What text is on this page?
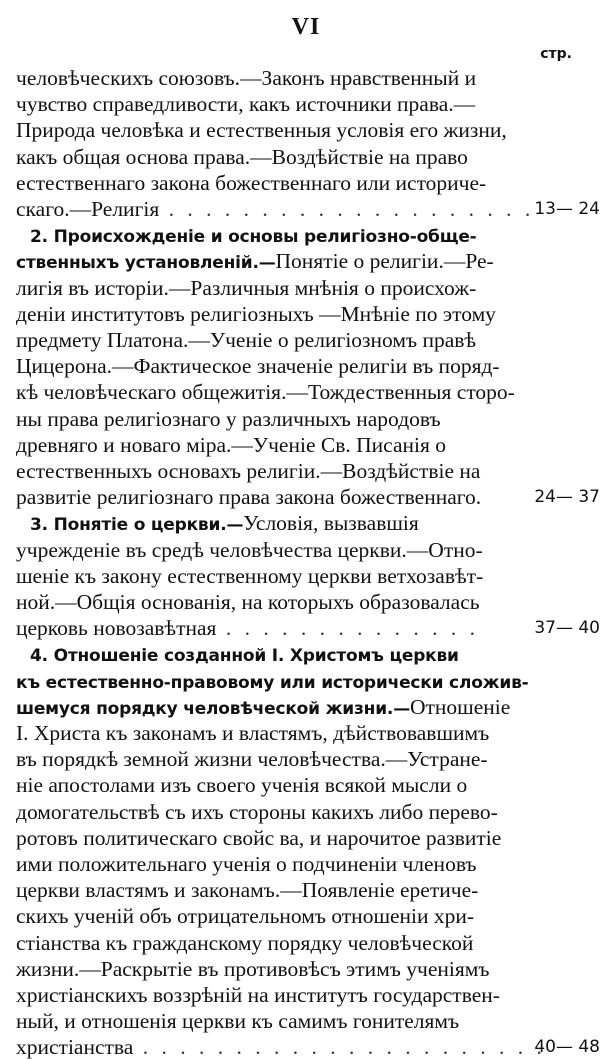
VI
стр.
человѣческихъ союзовъ.—Законъ нравственный и
чувство справедливости, какъ источники права.—
Природа человѣка и естественныя условія его жизни,
какъ общая основа права.—Воздѣйствіе на право
естественнаго закона божественнаго или историче-
скаго.—Религія . . . . . . . . . . . . . . . . . . . . 13— 24
2. Происхожденіе и основы религіозно-обще-
ственныхъ установленій.—Понятіе о религіи.—Ре-
лигія въ исторіи.—Различныя мнѣнія о происхож-
деніи институтовъ религіозныхъ —Мнѣніе по этому
предмету Платона.—Ученіе о религіозномъ правѣ
Цицерона.—Фактическое значеніе религіи въ поряд-
кѣ человѣческаго общежитія.—Тождественныя сторо-
ны права религіознаго у различныхъ народовъ
древняго и новаго міра.—Ученіе Св. Писанія о
естественныхъ основахъ религіи.—Воздѣйствіе на
развитіе религіознаго права закона божественнаго.	24— 37
3. Понятіе о церкви.—Условія, вызвавшія
учрежденіе въ средѣ человѣчества церкви.—Отно-
шеніе къ закону естественному церкви ветхозавѣт-
ной.—Общія основанія, на которыхъ образовалась
церковь новозавѣтная . . . . . . . . . . . . . .	37— 40
4. Отношеніе созданной І. Христомъ церкви
къ естественно-правовому или исторически сложив-
шемуся порядку человѣческой жизни.—Отношеніе
І. Христа къ законамъ и властямъ, дѣйствовавшимъ
въ порядкѣ земной жизни человѣчества.—Устране-
ніе апостолами изъ своего ученія всякой мысли о
домогательствѣ съ ихъ стороны какихъ либо перево-
ротовъ политическаго свойс ва, и нарочитое развитіе
ими положительнаго ученія о подчиненіи членовъ
церкви властямъ и законамъ.—Появленіе еретиче-
скихъ ученій объ отрицательномъ отношеніи хри-
стіанства къ гражданскому порядку человѣческой
жизни.—Раскрытіе въ противовѣсъ этимъ ученіямъ
христіанскихъ воззрѣній на институтъ государствен-
ный, и отношенія церкви къ самимъ гонителямъ
христіанства . . . . . . . . . . . . . . . . . . . . . .
40— 48
